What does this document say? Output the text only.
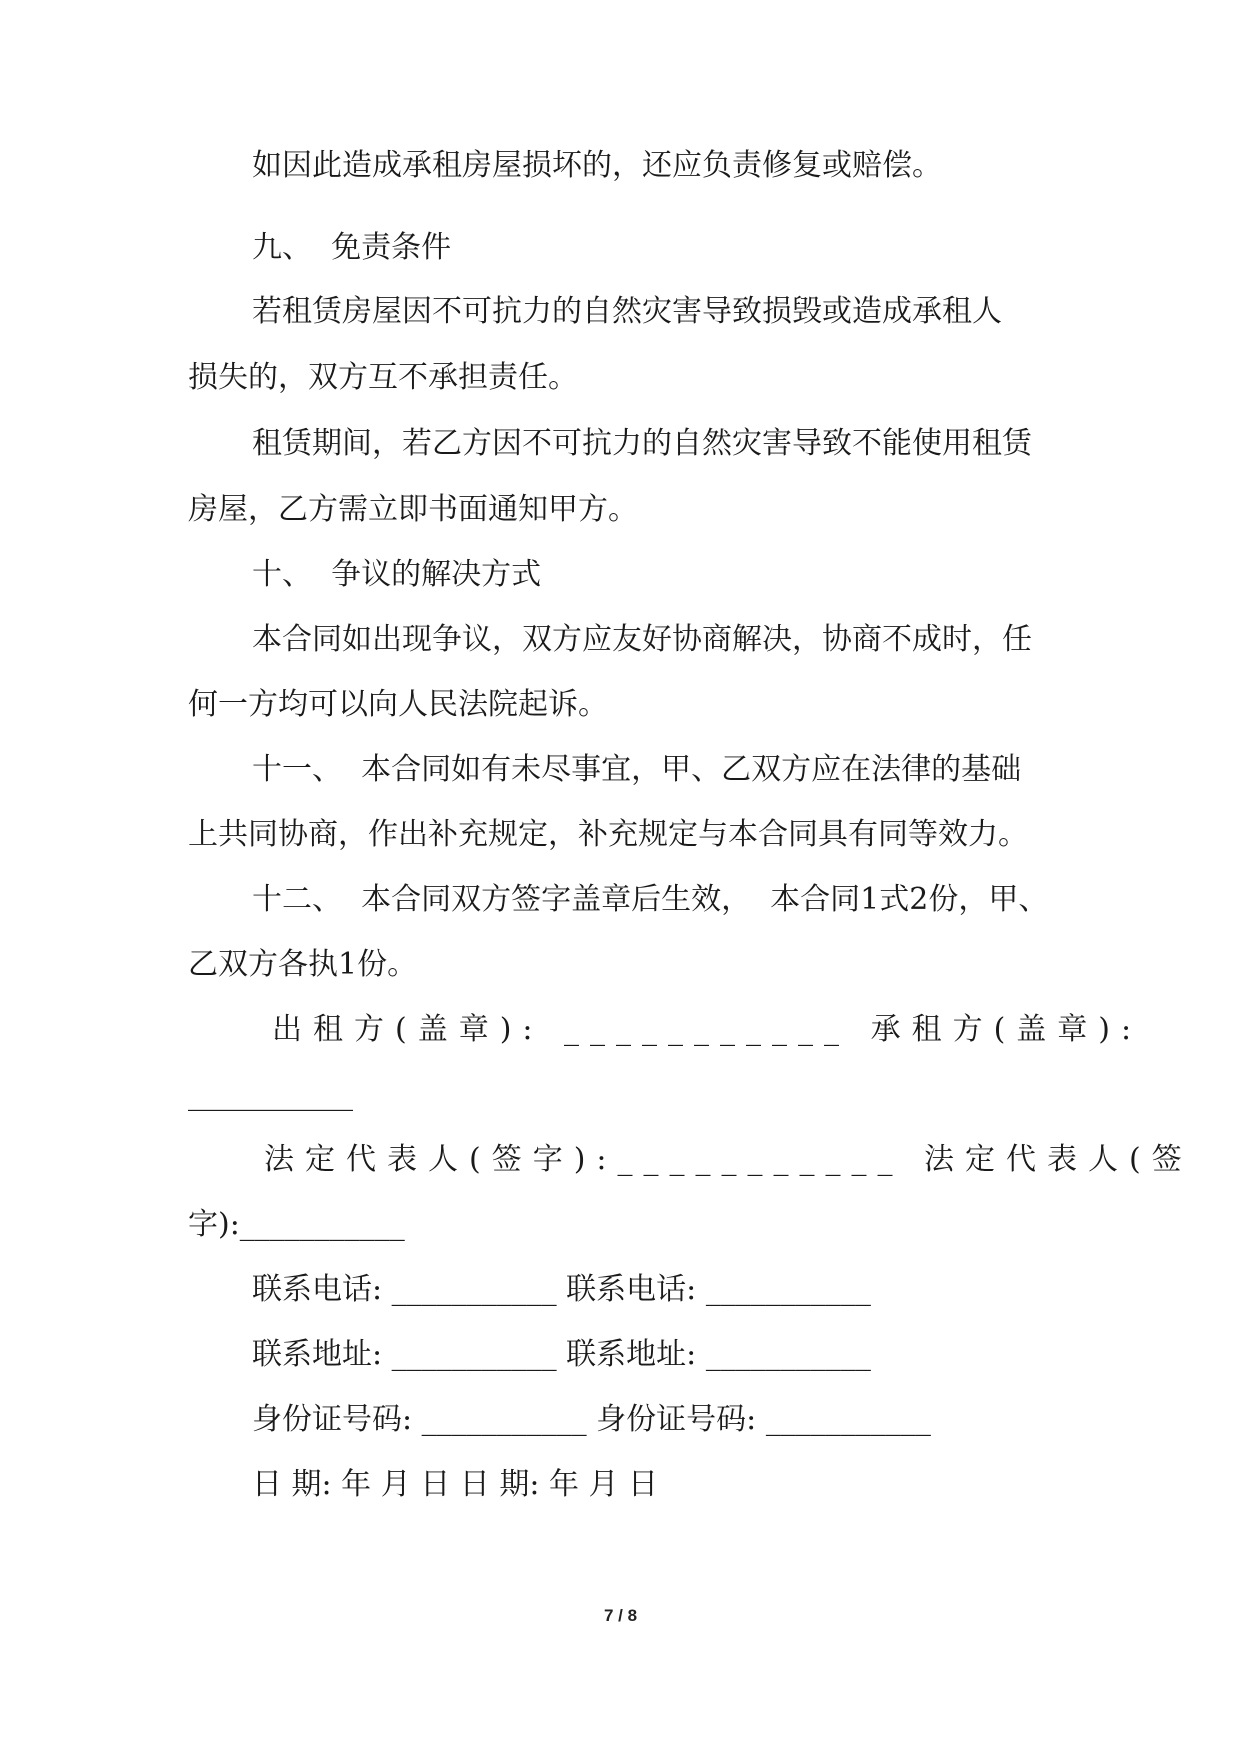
如因此造成承租房屋损坏的，还应负责修复或赔偿。
九、  免责条件
若租赁房屋因不可抗力的自然灾害导致损毁或造成承租人
损失的，双方互不承担责任。
租赁期间，若乙方因不可抗力的自然灾害导致不能使用租赁
房屋，乙方需立即书面通知甲方。
十、  争议的解决方式
本合同如出现争议，双方应友好协商解决，协商不成时，任
何一方均可以向人民法院起诉。
十一、  本合同如有未尽事宜，甲、乙双方应在法律的基础
上共同协商，作出补充规定，补充规定与本合同具有同等效力。
十二、  本合同双方签字盖章后生效，  本合同1式2份，甲、
乙双方各执1份。
出租方(盖章): ___________ 承租方(盖章):
___________
法定代表人(签字):___________ 法定代表人(签
字):___________
联系电话: ___________ 联系电话: ___________
联系地址: ___________ 联系地址: ___________
身份证号码: ___________ 身份证号码: ___________
日 期: 年 月 日 日 期: 年 月 日
7 / 8
